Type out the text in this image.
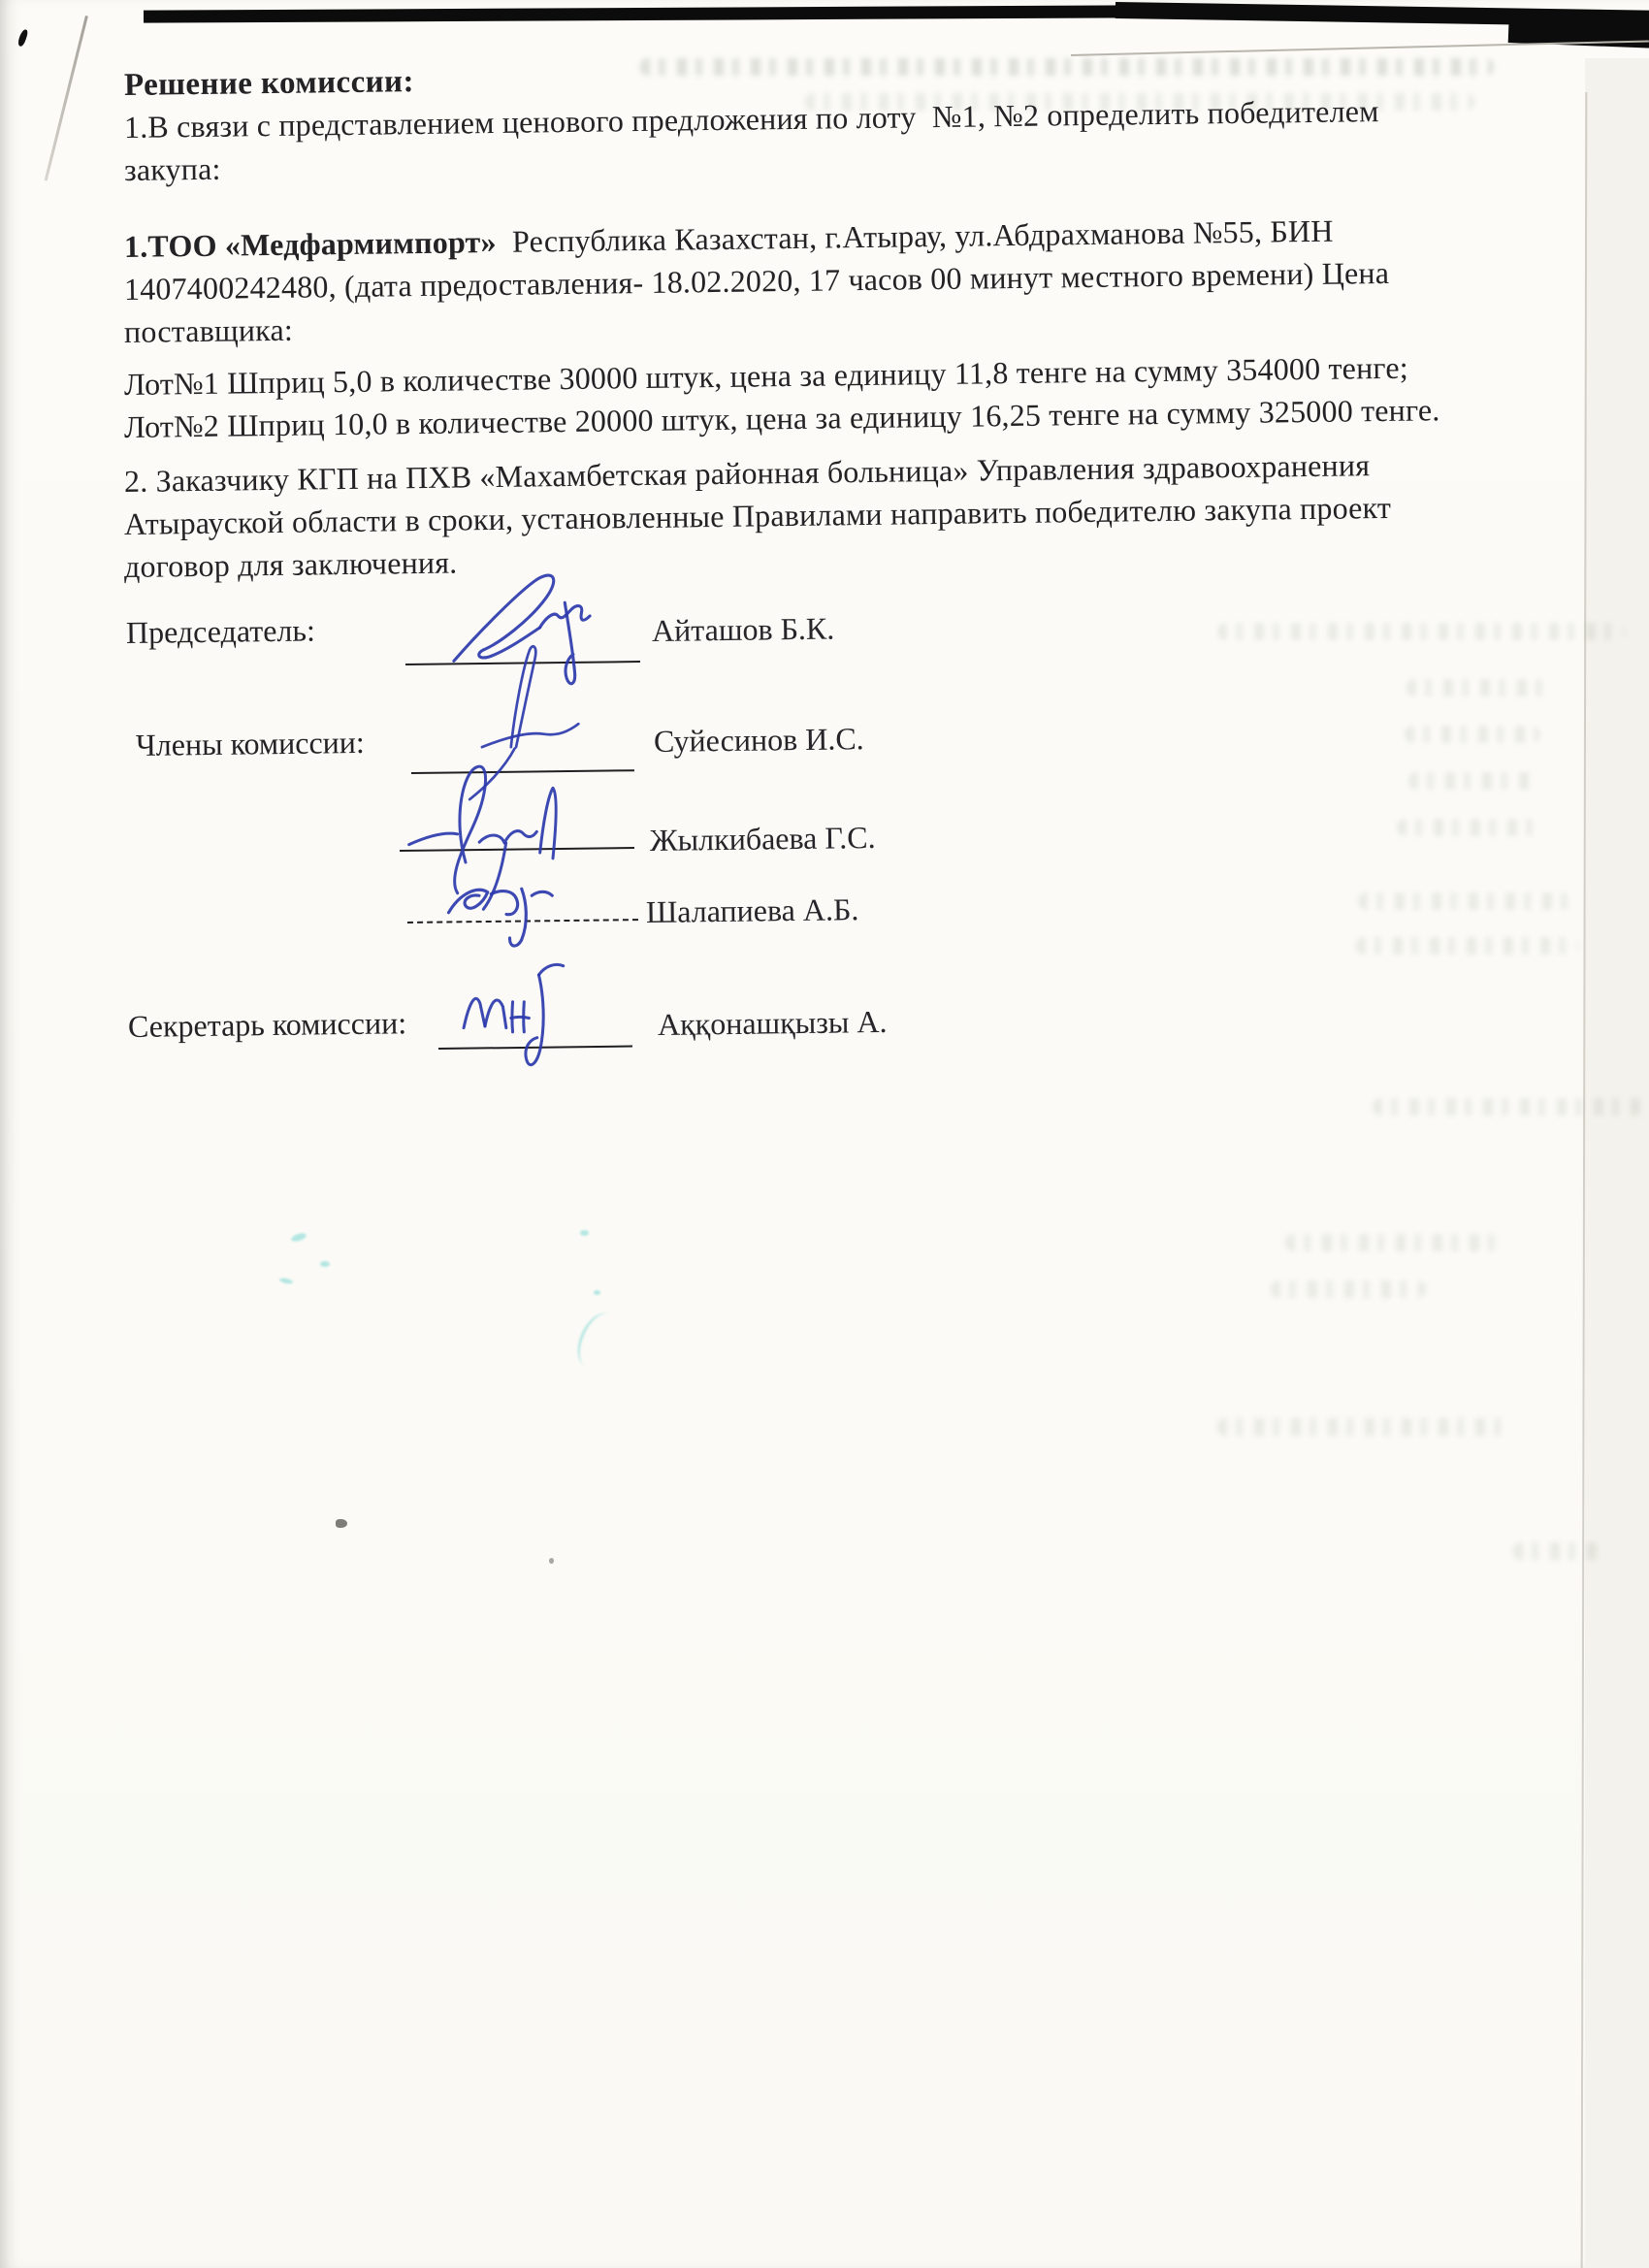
Решение комиссии:
1.В связи с представлением ценового предложения по лоту  №1, №2 определить победителем
закупа:
1.ТОО «Медфармимпорт»  Республика Казахстан, г.Атырау, ул.Абдрахманова №55, БИН
1407400242480, (дата предоставления- 18.02.2020, 17 часов 00 минут местного времени) Цена
поставщика:
Лот№1 Шприц 5,0 в количестве 30000 штук, цена за единицу 11,8 тенге на сумму 354000 тенге;
Лот№2 Шприц 10,0 в количестве 20000 штук, цена за единицу 16,25 тенге на сумму 325000 тенге.
2. Заказчику КГП на ПХВ «Махамбетская районная больница» Управления здравоохранения
Атырауской области в сроки, установленные Правилами направить победителю закупа проект
договор для заключения.
Председатель:	Айташов Б.К.
Члены комиссии:	Суйесинов И.С.
Жылкибаева Г.С.
Шалапиева А.Б.
Секретарь комиссии:	Аққонашқызы А.
